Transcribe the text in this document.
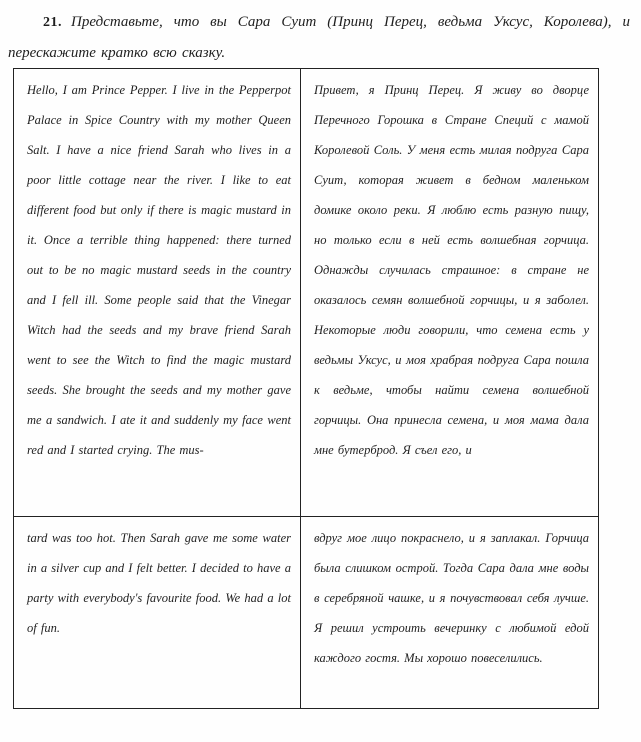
21. Представьте, что вы Сара Суит (Принц Перец, ведьма Уксус, Королева), и перескажите кратко всю сказку.

Hello, I am Prince Pepper. I live in the Pepperpot Palace in Spice Country with my mother Queen Salt. I have a nice friend Sarah who lives in a poor little cottage near the river. I like to eat different food but only if there is magic mustard in it. Once a terrible thing happened: there turned out to be no magic mustard seeds in the country and I fell ill. Some people said that the Vinegar Witch had the seeds and my brave friend Sarah went to see the Witch to find the magic mustard seeds. She brought the seeds and my mother gave me a sandwich. I ate it and suddenly my face went red and I started crying. The mus-
Привет, я Принц Перец. Я живу во дворце Перечного Горошка в Стране Специй с мамой Королевой Соль. У меня есть милая подруга Сара Суит, которая живет в бедном маленьком домике около реки. Я люблю есть разную пищу, но только если в ней есть волшебная горчица. Однажды случилась страшное: в стране не оказалось семян волшебной горчицы, и я заболел. Некоторые люди говорили, что семена есть у ведьмы Уксус, и моя храбрая подруга Сара пошла к ведьме, чтобы найти семена волшебной горчицы. Она принесла семена, и моя мама дала мне бутерброд. Я съел его, и
tard was too hot. Then Sarah gave me some water in a silver cup and I felt better. I decided to have a party with everybody's favourite food. We had a lot of fun.
вдруг мое лицо покраснело, и я заплакал. Горчица была слишком острой. Тогда Сара дала мне воды в серебряной чашке, и я почувствовал себя лучше. Я решил устроить вечеринку с любимой едой каждого гостя. Мы хорошо повеселились.
